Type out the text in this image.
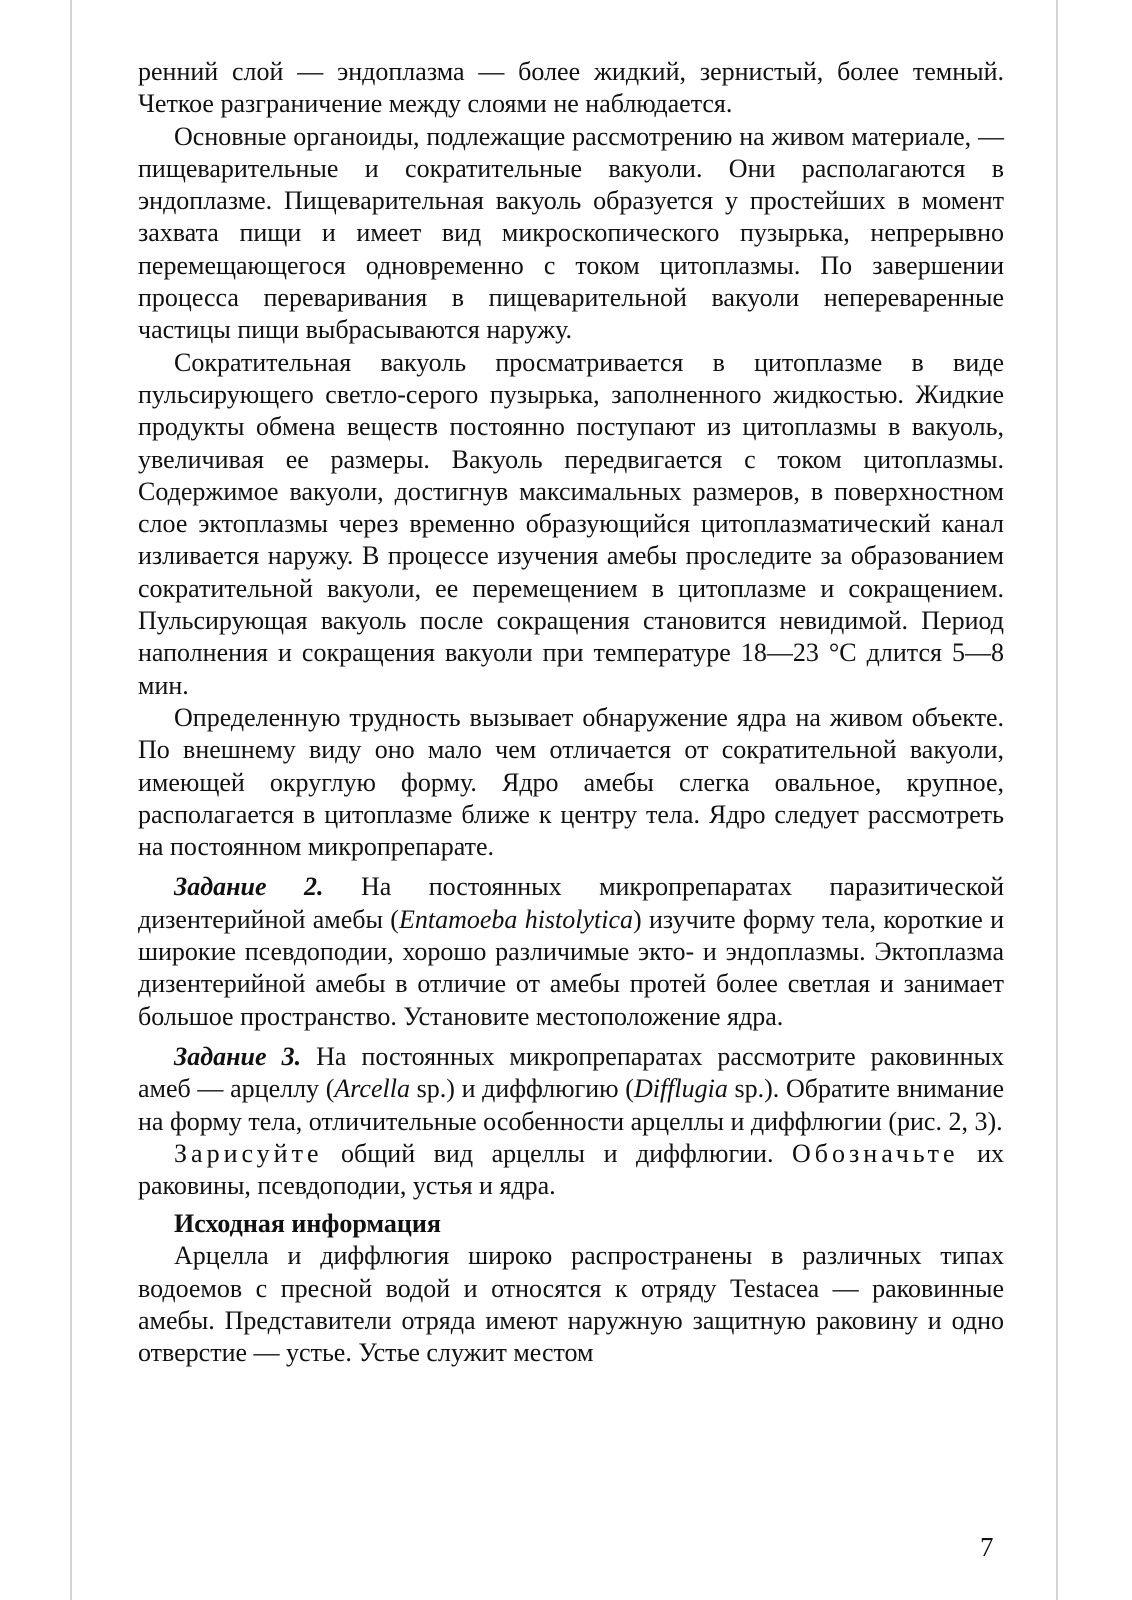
ренний слой — эндоплазма — более жидкий, зернистый, более темный. Четкое разграничение между слоями не наблюдается.

Основные органоиды, подлежащие рассмотрению на живом материале, — пищеварительные и сократительные вакуоли. Они располагаются в эндоплазме. Пищеварительная вакуоль образуется у простейших в момент захвата пищи и имеет вид микроскопического пузырька, непрерывно перемещающегося одновременно с током цитоплазмы. По завершении процесса переваривания в пищеварительной вакуоли непереваренные частицы пищи выбрасываются наружу.

Сократительная вакуоль просматривается в цитоплазме в виде пульсирующего светло-серого пузырька, заполненного жидкостью. Жидкие продукты обмена веществ постоянно поступают из цитоплазмы в вакуоль, увеличивая ее размеры. Вакуоль передвигается с током цитоплазмы. Содержимое вакуоли, достигнув максимальных размеров, в поверхностном слое эктоплазмы через временно образующийся цитоплазматический канал изливается наружу. В процессе изучения амебы проследите за образованием сократительной вакуоли, ее перемещением в цитоплазме и сокращением. Пульсирующая вакуоль после сокращения становится невидимой. Период наполнения и сокращения вакуоли при температуре 18—23 °С длится 5—8 мин.

Определенную трудность вызывает обнаружение ядра на живом объекте. По внешнему виду оно мало чем отличается от сократительной вакуоли, имеющей округлую форму. Ядро амебы слегка овальное, крупное, располагается в цитоплазме ближе к центру тела. Ядро следует рассмотреть на постоянном микропрепарате.

Задание 2. На постоянных микропрепаратах паразитической дизентерийной амебы (Entamoeba histolytica) изучите форму тела, короткие и широкие псевдоподии, хорошо различимые экто- и эндоплазмы. Эктоплазма дизентерийной амебы в отличие от амебы протей более светлая и занимает большое пространство. Установите местоположение ядра.

Задание 3. На постоянных микропрепаратах рассмотрите раковинных амеб — арцеллу (Arcella sp.) и диффлюгию (Difflugia sp.). Обратите внимание на форму тела, отличительные особенности арцеллы и диффлюгии (рис. 2, 3).

Зарисуйте общий вид арцеллы и диффлюгии. Обозначьте их раковины, псевдоподии, устья и ядра.

Исходная информация

Арцелла и диффлюгия широко распространены в различных типах водоемов с пресной водой и относятся к отряду Testacea — раковинные амебы. Представители отряда имеют наружную защитную раковину и одно отверстие — устье. Устье служит местом

7
